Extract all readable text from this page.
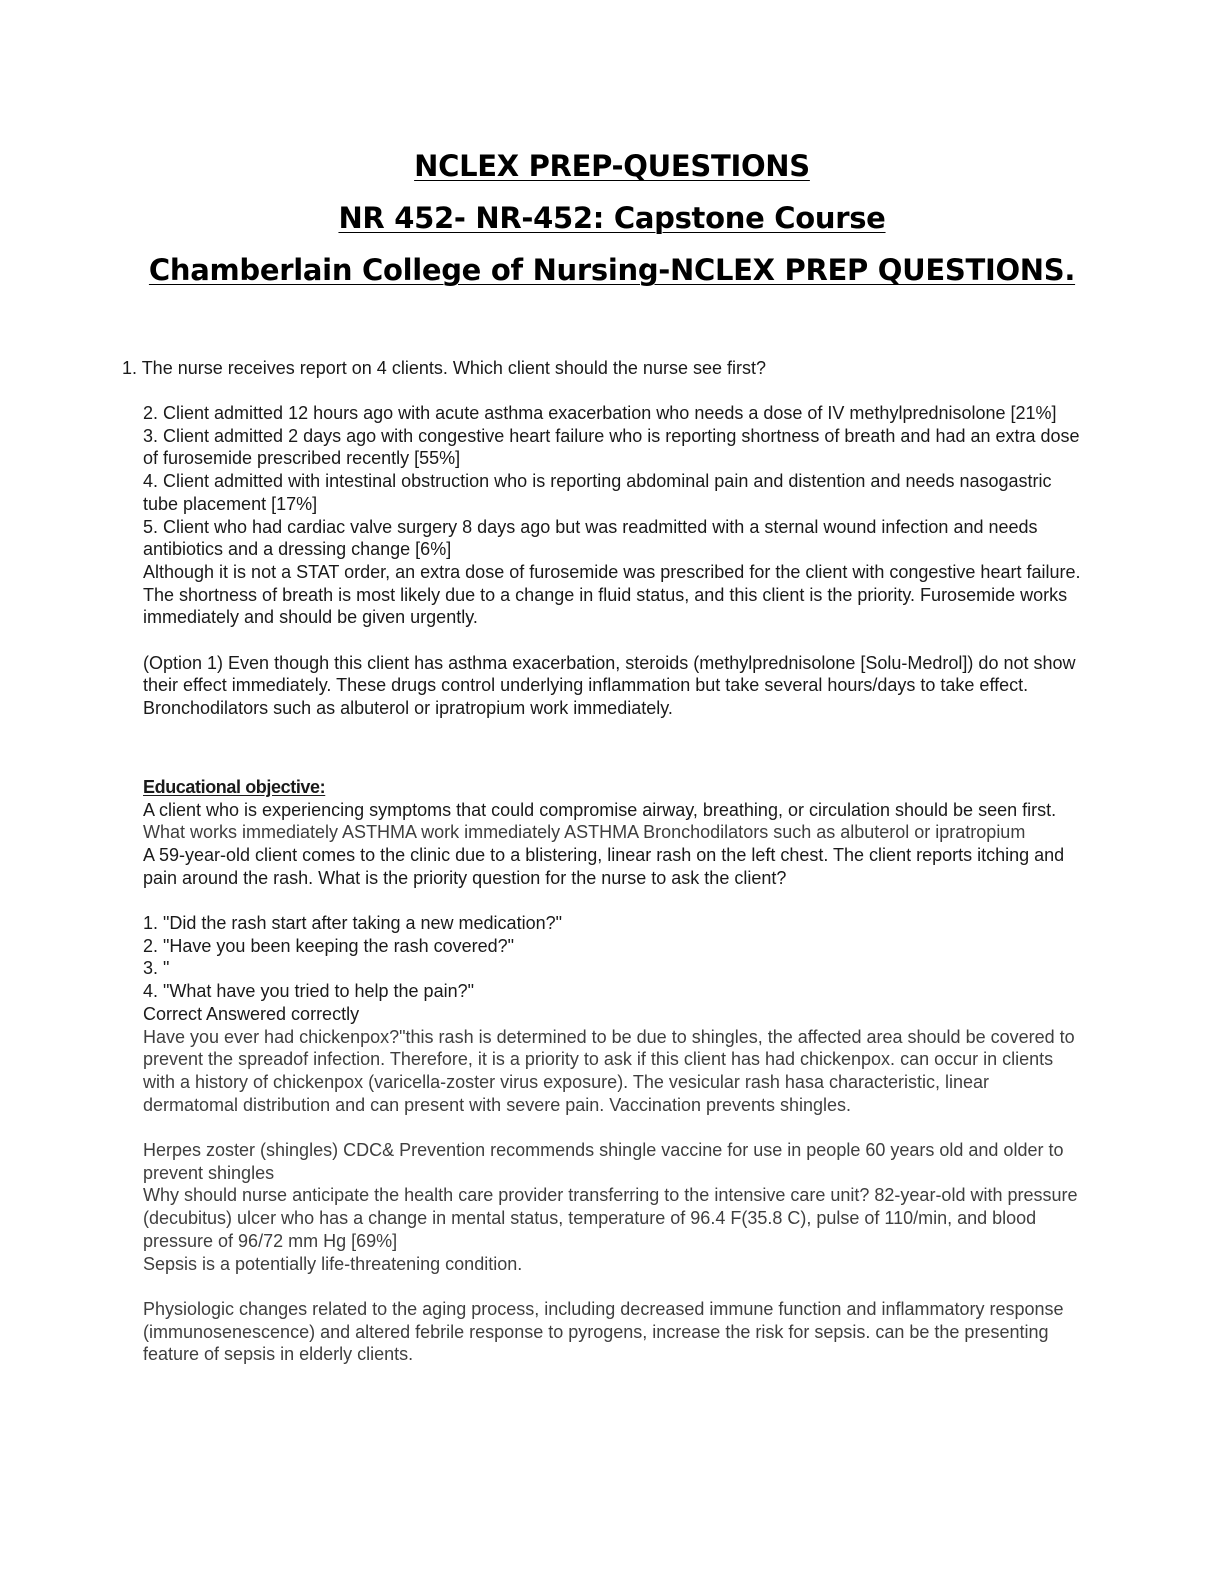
NCLEX PREP-QUESTIONS
NR 452- NR-452: Capstone Course
Chamberlain College of Nursing-NCLEX PREP QUESTIONS.
1. The nurse receives report on 4 clients. Which client should the nurse see first?

2. Client admitted 12 hours ago with acute asthma exacerbation who needs a dose of IV methylprednisolone [21%]

3. Client admitted 2 days ago with congestive heart failure who is reporting shortness of breath and had an extra dose of furosemide prescribed recently [55%]

4. Client admitted with intestinal obstruction who is reporting abdominal pain and distention and needs nasogastric tube placement [17%]

5. Client who had cardiac valve surgery 8 days ago but was readmitted with a sternal wound infection and needs antibiotics and a dressing change [6%]

Although it is not a STAT order, an extra dose of furosemide was prescribed for the client with congestive heart failure. The shortness of breath is most likely due to a change in fluid status, and this client is the priority. Furosemide works immediately and should be given urgently.

(Option 1) Even though this client has asthma exacerbation, steroids (methylprednisolone [Solu-Medrol]) do not show their effect immediately. These drugs control underlying inflammation but take several hours/days to take effect. Bronchodilators such as albuterol or ipratropium work immediately.

Educational objective:

A client who is experiencing symptoms that could compromise airway, breathing, or circulation should be seen first. What works immediately ASTHMA work immediately ASTHMA Bronchodilators such as albuterol or ipratropium

A 59-year-old client comes to the clinic due to a blistering, linear rash on the left chest. The client reports itching and pain around the rash. What is the priority question for the nurse to ask the client?

1. "Did the rash start after taking a new medication?"

2. "Have you been keeping the rash covered?"

3. "

4. "What have you tried to help the pain?"

Correct Answered correctly

Have you ever had chickenpox?"this rash is determined to be due to shingles, the affected area should be covered to prevent the spreadof infection. Therefore, it is a priority to ask if this client has had chickenpox. can occur in clients with a history of chickenpox (varicella-zoster virus exposure). The vesicular rash hasa characteristic, linear dermatomal distribution and can present with severe pain. Vaccination prevents shingles.

Herpes zoster (shingles) CDC& Prevention recommends shingle vaccine for use in people 60 years old and older to prevent shingles

Why should nurse anticipate the health care provider transferring to the intensive care unit? 82-year-old with pressure (decubitus) ulcer who has a change in mental status, temperature of 96.4 F(35.8 C), pulse of 110/min, and blood pressure of 96/72 mm Hg [69%]

Sepsis is a potentially life-threatening condition.

Physiologic changes related to the aging process, including decreased immune function and inflammatory response (immunosenescence) and altered febrile response to pyrogens, increase the risk for sepsis. can be the presenting feature of sepsis in elderly clients.
